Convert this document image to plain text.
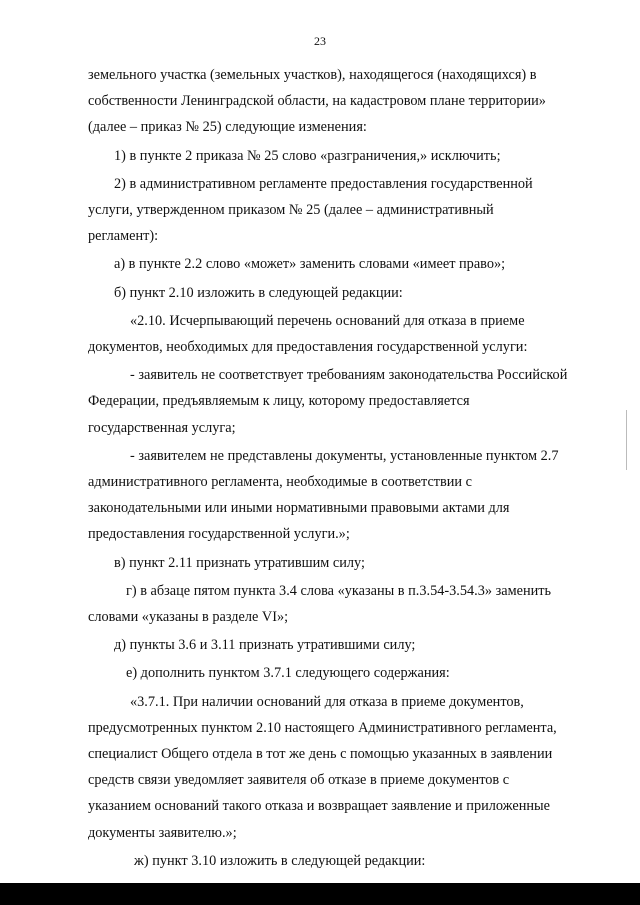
23
земельного участка (земельных участков), находящегося (находящихся) в
собственности Ленинградской области, на кадастровом плане территории»
(далее – приказ № 25) следующие изменения:
1) в пункте 2 приказа № 25 слово «разграничения,» исключить;
2) в административном регламенте предоставления государственной
услуги, утвержденном приказом № 25 (далее – административный
регламент):
а) в пункте 2.2 слово «может» заменить словами «имеет право»;
б) пункт 2.10 изложить в следующей редакции:
«2.10. Исчерпывающий перечень оснований для отказа в приеме
документов, необходимых для предоставления государственной услуги:
- заявитель не соответствует требованиям законодательства Российской
Федерации, предъявляемым к лицу, которому предоставляется
государственная услуга;
- заявителем не представлены документы, установленные пунктом 2.7
административного регламента, необходимые в соответствии с
законодательными или иными нормативными правовыми актами для
предоставления государственной услуги.»;
в) пункт 2.11 признать утратившим силу;
г) в абзаце пятом пункта 3.4 слова «указаны в п.3.54-3.54.3» заменить
словами «указаны в разделе VI»;
д) пункты 3.6 и 3.11 признать утратившими силу;
е) дополнить пунктом 3.7.1 следующего содержания:
«3.7.1. При наличии оснований для отказа в приеме документов,
предусмотренных пунктом 2.10 настоящего Административного регламента,
специалист Общего отдела в тот же день с помощью указанных в заявлении
средств связи уведомляет заявителя об отказе в приеме документов с
указанием оснований такого отказа и возвращает заявление и приложенные
документы заявителю.»;
ж) пункт 3.10 изложить в следующей редакции:
